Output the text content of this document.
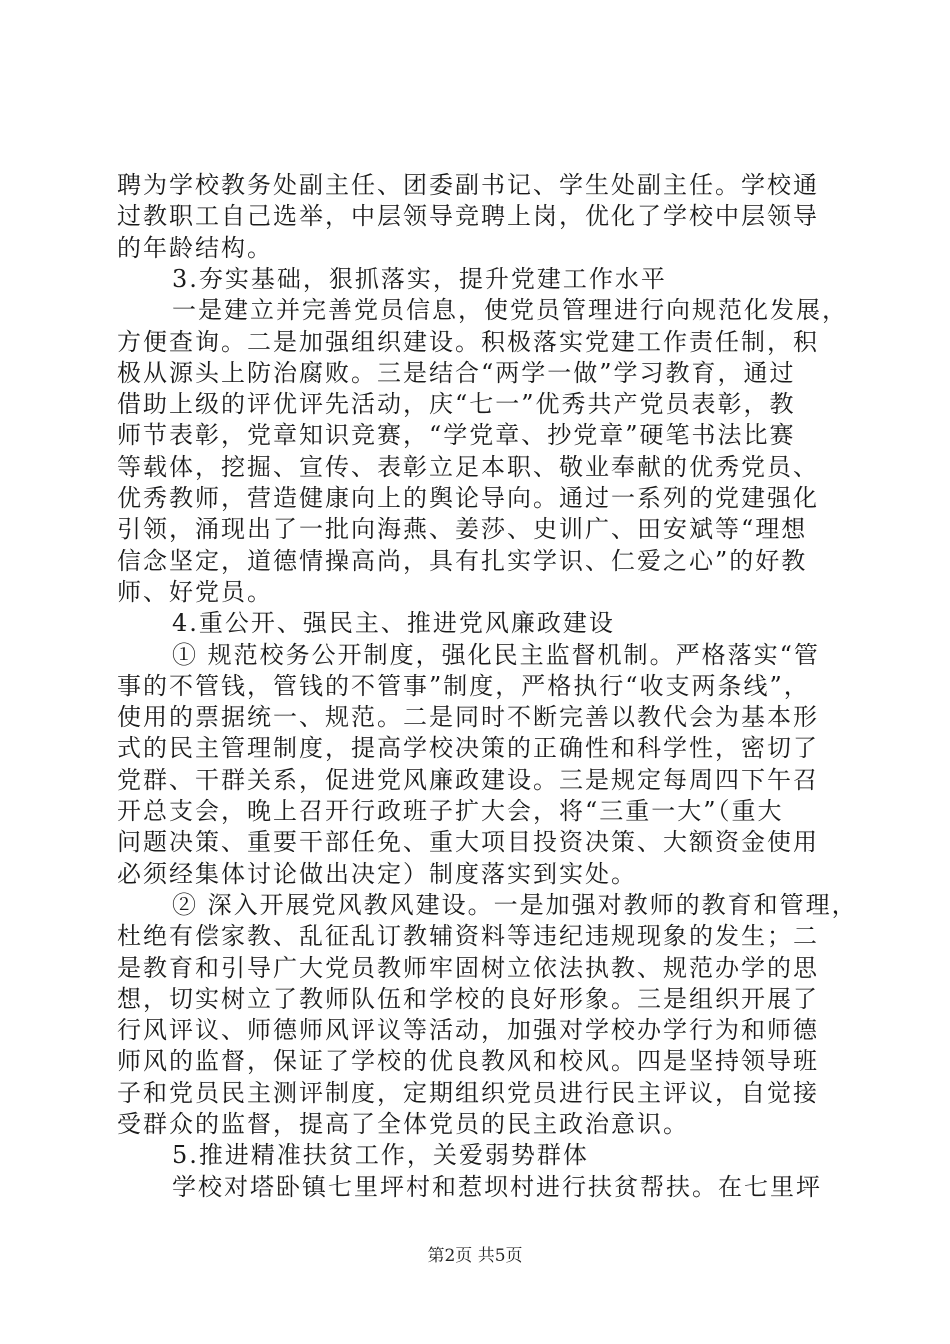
聘为学校教务处副主任、团委副书记、学生处副主任。学校通
过教职工自己选举，中层领导竞聘上岗，优化了学校中层领导
的年龄结构。
3.夯实基础，狠抓落实，提升党建工作水平
一是建立并完善党员信息，使党员管理进行向规范化发展，
方便查询。二是加强组织建设。积极落实党建工作责任制，积
极从源头上防治腐败。三是结合“两学一做”学习教育，通过
借助上级的评优评先活动，庆“七一”优秀共产党员表彰，教
师节表彰，党章知识竞赛，“学党章、抄党章”硬笔书法比赛
等载体，挖掘、宣传、表彰立足本职、敬业奉献的优秀党员、
优秀教师，营造健康向上的舆论导向。通过一系列的党建强化
引领，涌现出了一批向海燕、姜莎、史训广、田安斌等“理想
信念坚定，道德情操高尚，具有扎实学识、仁爱之心”的好教
师、好党员。
4.重公开、强民主、推进党风廉政建设
① 规范校务公开制度，强化民主监督机制。严格落实“管
事的不管钱，管钱的不管事”制度，严格执行“收支两条线”，
使用的票据统一、规范。二是同时不断完善以教代会为基本形
式的民主管理制度，提高学校决策的正确性和科学性，密切了
党群、干群关系，促进党风廉政建设。三是规定每周四下午召
开总支会，晚上召开行政班子扩大会，将“三重一大”（重大
问题决策、重要干部任免、重大项目投资决策、大额资金使用
必须经集体讨论做出决定）制度落实到实处。
② 深入开展党风教风建设。一是加强对教师的教育和管理，
杜绝有偿家教、乱征乱订教辅资料等违纪违规现象的发生；二
是教育和引导广大党员教师牢固树立依法执教、规范办学的思
想，切实树立了教师队伍和学校的良好形象。三是组织开展了
行风评议、师德师风评议等活动，加强对学校办学行为和师德
师风的监督，保证了学校的优良教风和校风。四是坚持领导班
子和党员民主测评制度，定期组织党员进行民主评议，自觉接
受群众的监督，提高了全体党员的民主政治意识。
5.推进精准扶贫工作，关爱弱势群体
学校对塔卧镇七里坪村和惹坝村进行扶贫帮扶。在七里坪
第2页 共5页
